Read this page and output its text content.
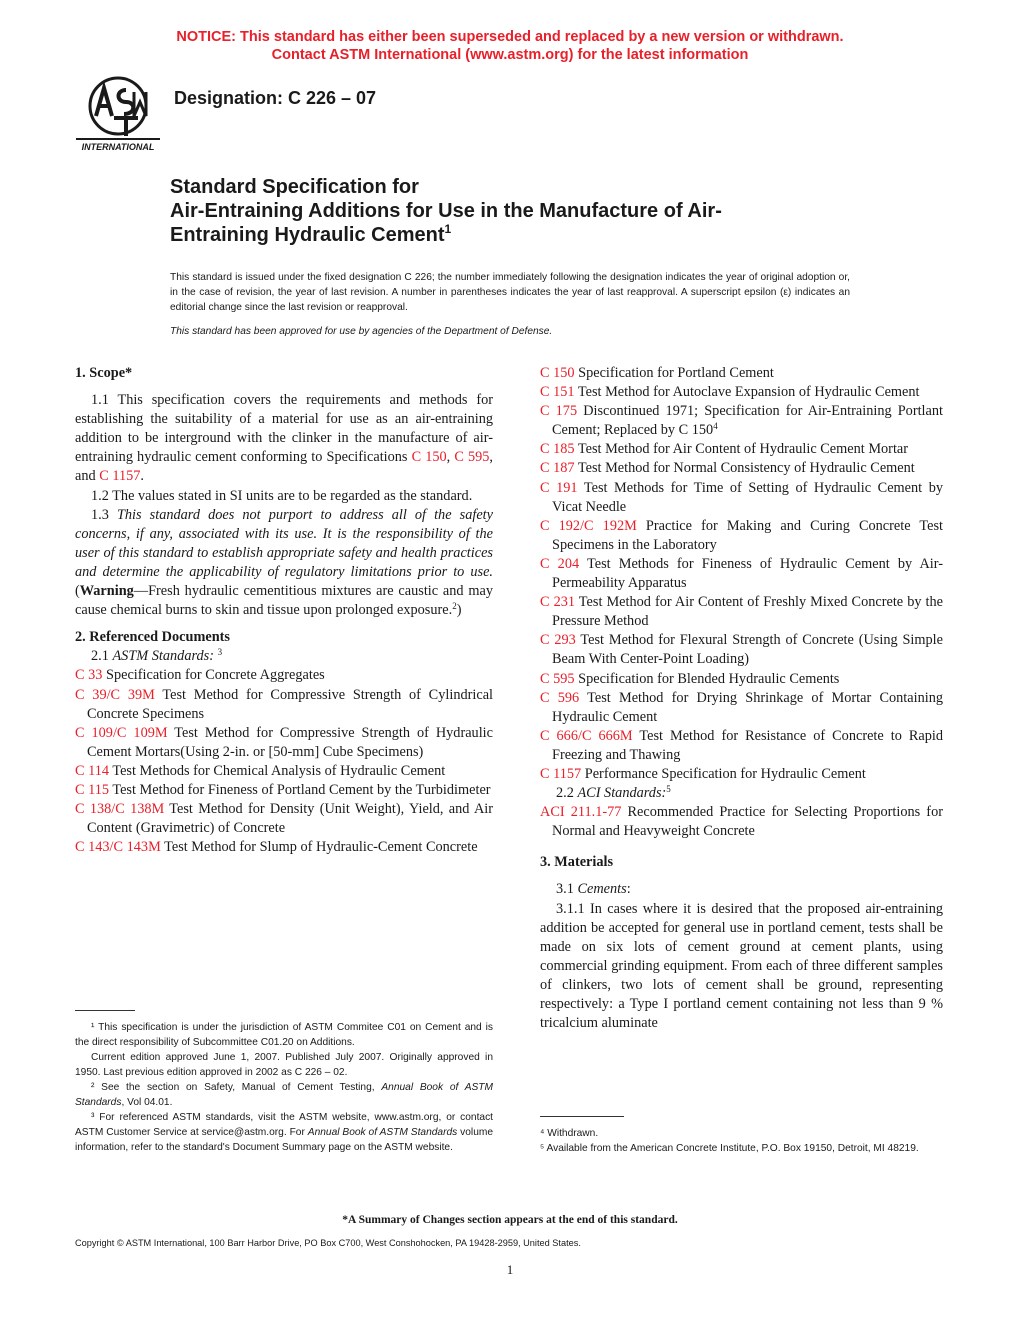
NOTICE: This standard has either been superseded and replaced by a new version or withdrawn.
Contact ASTM International (www.astm.org) for the latest information
INTERNATIONAL
Designation: C 226 – 07
Standard Specification for
Air-Entraining Additions for Use in the Manufacture of Air-
Entraining Hydraulic Cement$^1$
This standard is issued under the fixed designation C 226; the number immediately following the designation indicates the year of original adoption or, in the case of revision, the year of last revision. A number in parentheses indicates the year of last reapproval. A superscript epsilon (ε) indicates an editorial change since the last revision or reapproval.
This standard has been approved for use by agencies of the Department of Defense.

1. Scope*

1.1 This specification covers the requirements and methods for establishing the suitability of a material for use as an air-entraining addition to be interground with the clinker in the manufacture of air-entraining hydraulic cement conforming to Specifications C 150, C 595, and C 1157.

1.2 The values stated in SI units are to be regarded as the standard.

1.3 This standard does not purport to address all of the safety concerns, if any, associated with its use. It is the responsibility of the user of this standard to establish appropriate safety and health practices and determine the applicability of regulatory limitations prior to use. (Warning—Fresh hydraulic cementitious mixtures are caustic and may cause chemical burns to skin and tissue upon prolonged exposure.$^2$)

2. Referenced Documents

2.1 ASTM Standards: $^3$

C 33 Specification for Concrete Aggregates

C 39/C 39M Test Method for Compressive Strength of Cylindrical Concrete Specimens

C 109/C 109M Test Method for Compressive Strength of Hydraulic Cement Mortars(Using 2-in. or [50-mm] Cube Specimens)

C 114 Test Methods for Chemical Analysis of Hydraulic Cement

C 115 Test Method for Fineness of Portland Cement by the Turbidimeter

C 138/C 138M Test Method for Density (Unit Weight), Yield, and Air Content (Gravimetric) of Concrete

C 143/C 143M Test Method for Slump of Hydraulic-Cement Concrete

C 150 Specification for Portland Cement

C 151 Test Method for Autoclave Expansion of Hydraulic Cement

C 175 Discontinued 1971; Specification for Air-Entraining Portlant Cement; Replaced by C $150^4$

C 185 Test Method for Air Content of Hydraulic Cement Mortar

C 187 Test Method for Normal Consistency of Hydraulic Cement

C 191 Test Methods for Time of Setting of Hydraulic Cement by Vicat Needle

C 192/C 192M Practice for Making and Curing Concrete Test Specimens in the Laboratory

C 204 Test Methods for Fineness of Hydraulic Cement by Air-Permeability Apparatus

C 231 Test Method for Air Content of Freshly Mixed Concrete by the Pressure Method

C 293 Test Method for Flexural Strength of Concrete (Using Simple Beam With Center-Point Loading)

C 595 Specification for Blended Hydraulic Cements

C 596 Test Method for Drying Shrinkage of Mortar Containing Hydraulic Cement

C 666/C 666M Test Method for Resistance of Concrete to Rapid Freezing and Thawing

C 1157 Performance Specification for Hydraulic Cement

2.2 ACI Standards:$^5$

ACI 211.1-77 Recommended Practice for Selecting Proportions for Normal and Heavyweight Concrete

3. Materials

3.1 Cements:

3.1.1 In cases where it is desired that the proposed air-entraining addition be accepted for general use in portland cement, tests shall be made on six lots of cement ground at cement plants, using commercial grinding equipment. From each of three different samples of clinkers, two lots of cement shall be ground, representing respectively: a Type I portland cement containing not less than 9 % tricalcium aluminate

¹ This specification is under the jurisdiction of ASTM Commitee C01 on Cement and is the direct responsibility of Subcommittee C01.20 on Additions.

Current edition approved June 1, 2007. Published July 2007. Originally approved in 1950. Last previous edition approved in 2002 as C 226 – 02.

² See the section on Safety, Manual of Cement Testing, Annual Book of ASTM Standards, Vol 04.01.

³ For referenced ASTM standards, visit the ASTM website, www.astm.org, or contact ASTM Customer Service at service@astm.org. For Annual Book of ASTM Standards volume information, refer to the standard's Document Summary page on the ASTM website.

⁴ Withdrawn.

⁵ Available from the American Concrete Institute, P.O. Box 19150, Detroit, MI 48219.

*A Summary of Changes section appears at the end of this standard.
Copyright © ASTM International, 100 Barr Harbor Drive, PO Box C700, West Conshohocken, PA 19428-2959, United States.
1
